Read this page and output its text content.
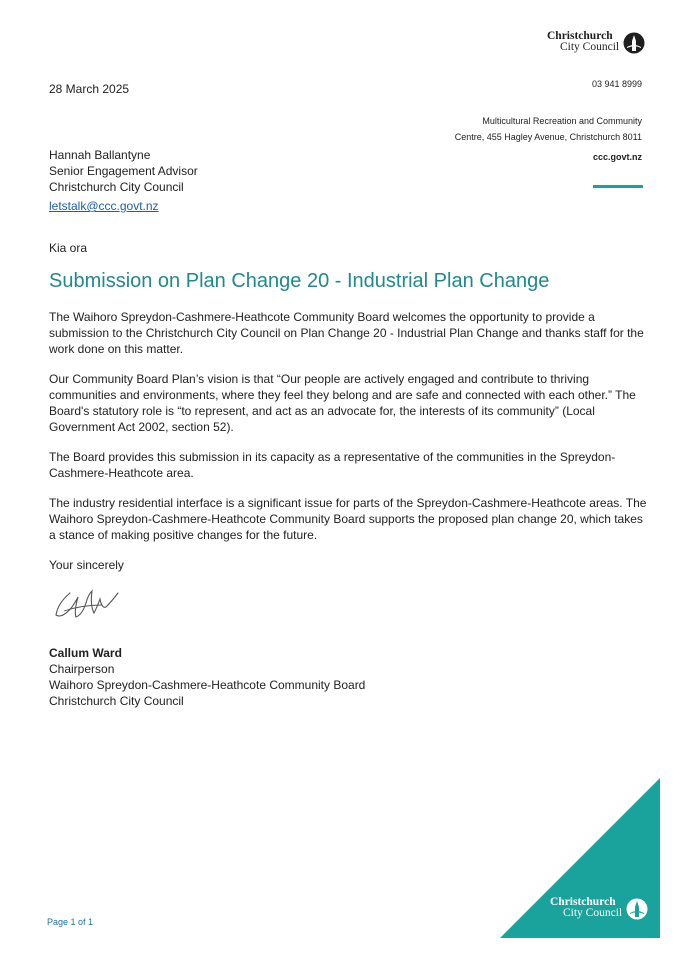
Christchurch
City Council
28 March 2025	03 941 8999
Multicultural Recreation and Community
Centre, 455 Hagley Avenue, Christchurch 8011
ccc.govt.nz
Hannah Ballantyne
Senior Engagement Advisor
Christchurch City Council
letstalk@ccc.govt.nz
Kia ora
Submission on Plan Change 20 - Industrial Plan Change

The Waihoro Spreydon-Cashmere-Heathcote Community Board welcomes the opportunity to provide a submission to the Christchurch City Council on Plan Change 20 - Industrial Plan Change and thanks staff for the work done on this matter.

Our Community Board Plan’s vision is that “Our people are actively engaged and contribute to thriving communities and environments, where they feel they belong and are safe and connected with each other.” The Board's statutory role is “to represent, and act as an advocate for, the interests of its community” (Local Government Act 2002, section 52).

The Board provides this submission in its capacity as a representative of the communities in the Spreydon-Cashmere-Heathcote area.

The industry residential interface is a significant issue for parts of the Spreydon-Cashmere-Heathcote areas. The Waihoro Spreydon-Cashmere-Heathcote Community Board supports the proposed plan change 20, which takes a stance of making positive changes for the future.

Your sincerely

Callum Ward
Chairperson
Waihoro Spreydon-Cashmere-Heathcote Community Board
Christchurch City Council
Page 1 of 1
Christchurch
City Council
